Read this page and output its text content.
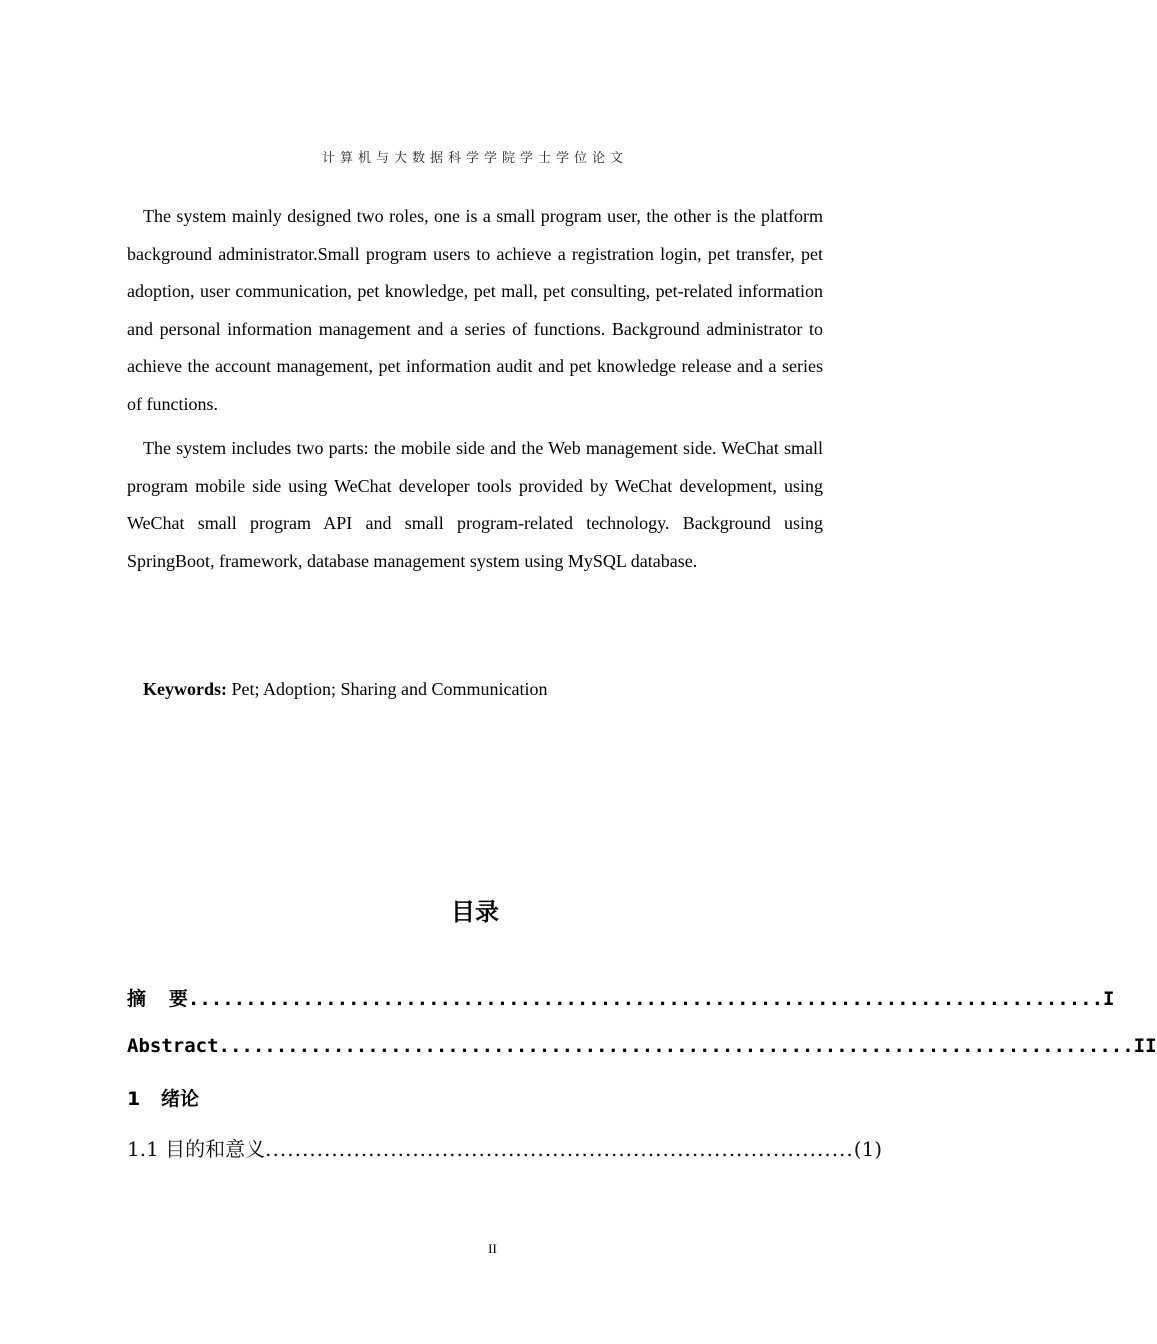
计算机与大数据科学学院学士学位论文

The system mainly designed two roles, one is a small program user, the other is the platform background administrator.Small program users to achieve a registration login, pet transfer, pet adoption, user communication, pet knowledge, pet mall, pet consulting, pet-related information and personal information management and a series of functions. Background administrator to achieve the account management, pet information audit and pet knowledge release and a series of functions.

The system includes two parts: the mobile side and the Web management side. WeChat small program mobile side using WeChat developer tools provided by WeChat development, using WeChat small program API and small program-related technology. Background using SpringBoot, framework, database management system using MySQL database.

Keywords: Pet; Adoption; Sharing and Communication
目录
摘  要 ................................................................................ I
Abstract ................................................................................ II
1 绪论
1.1 目的和意义 ................................................................................ (1)
II
